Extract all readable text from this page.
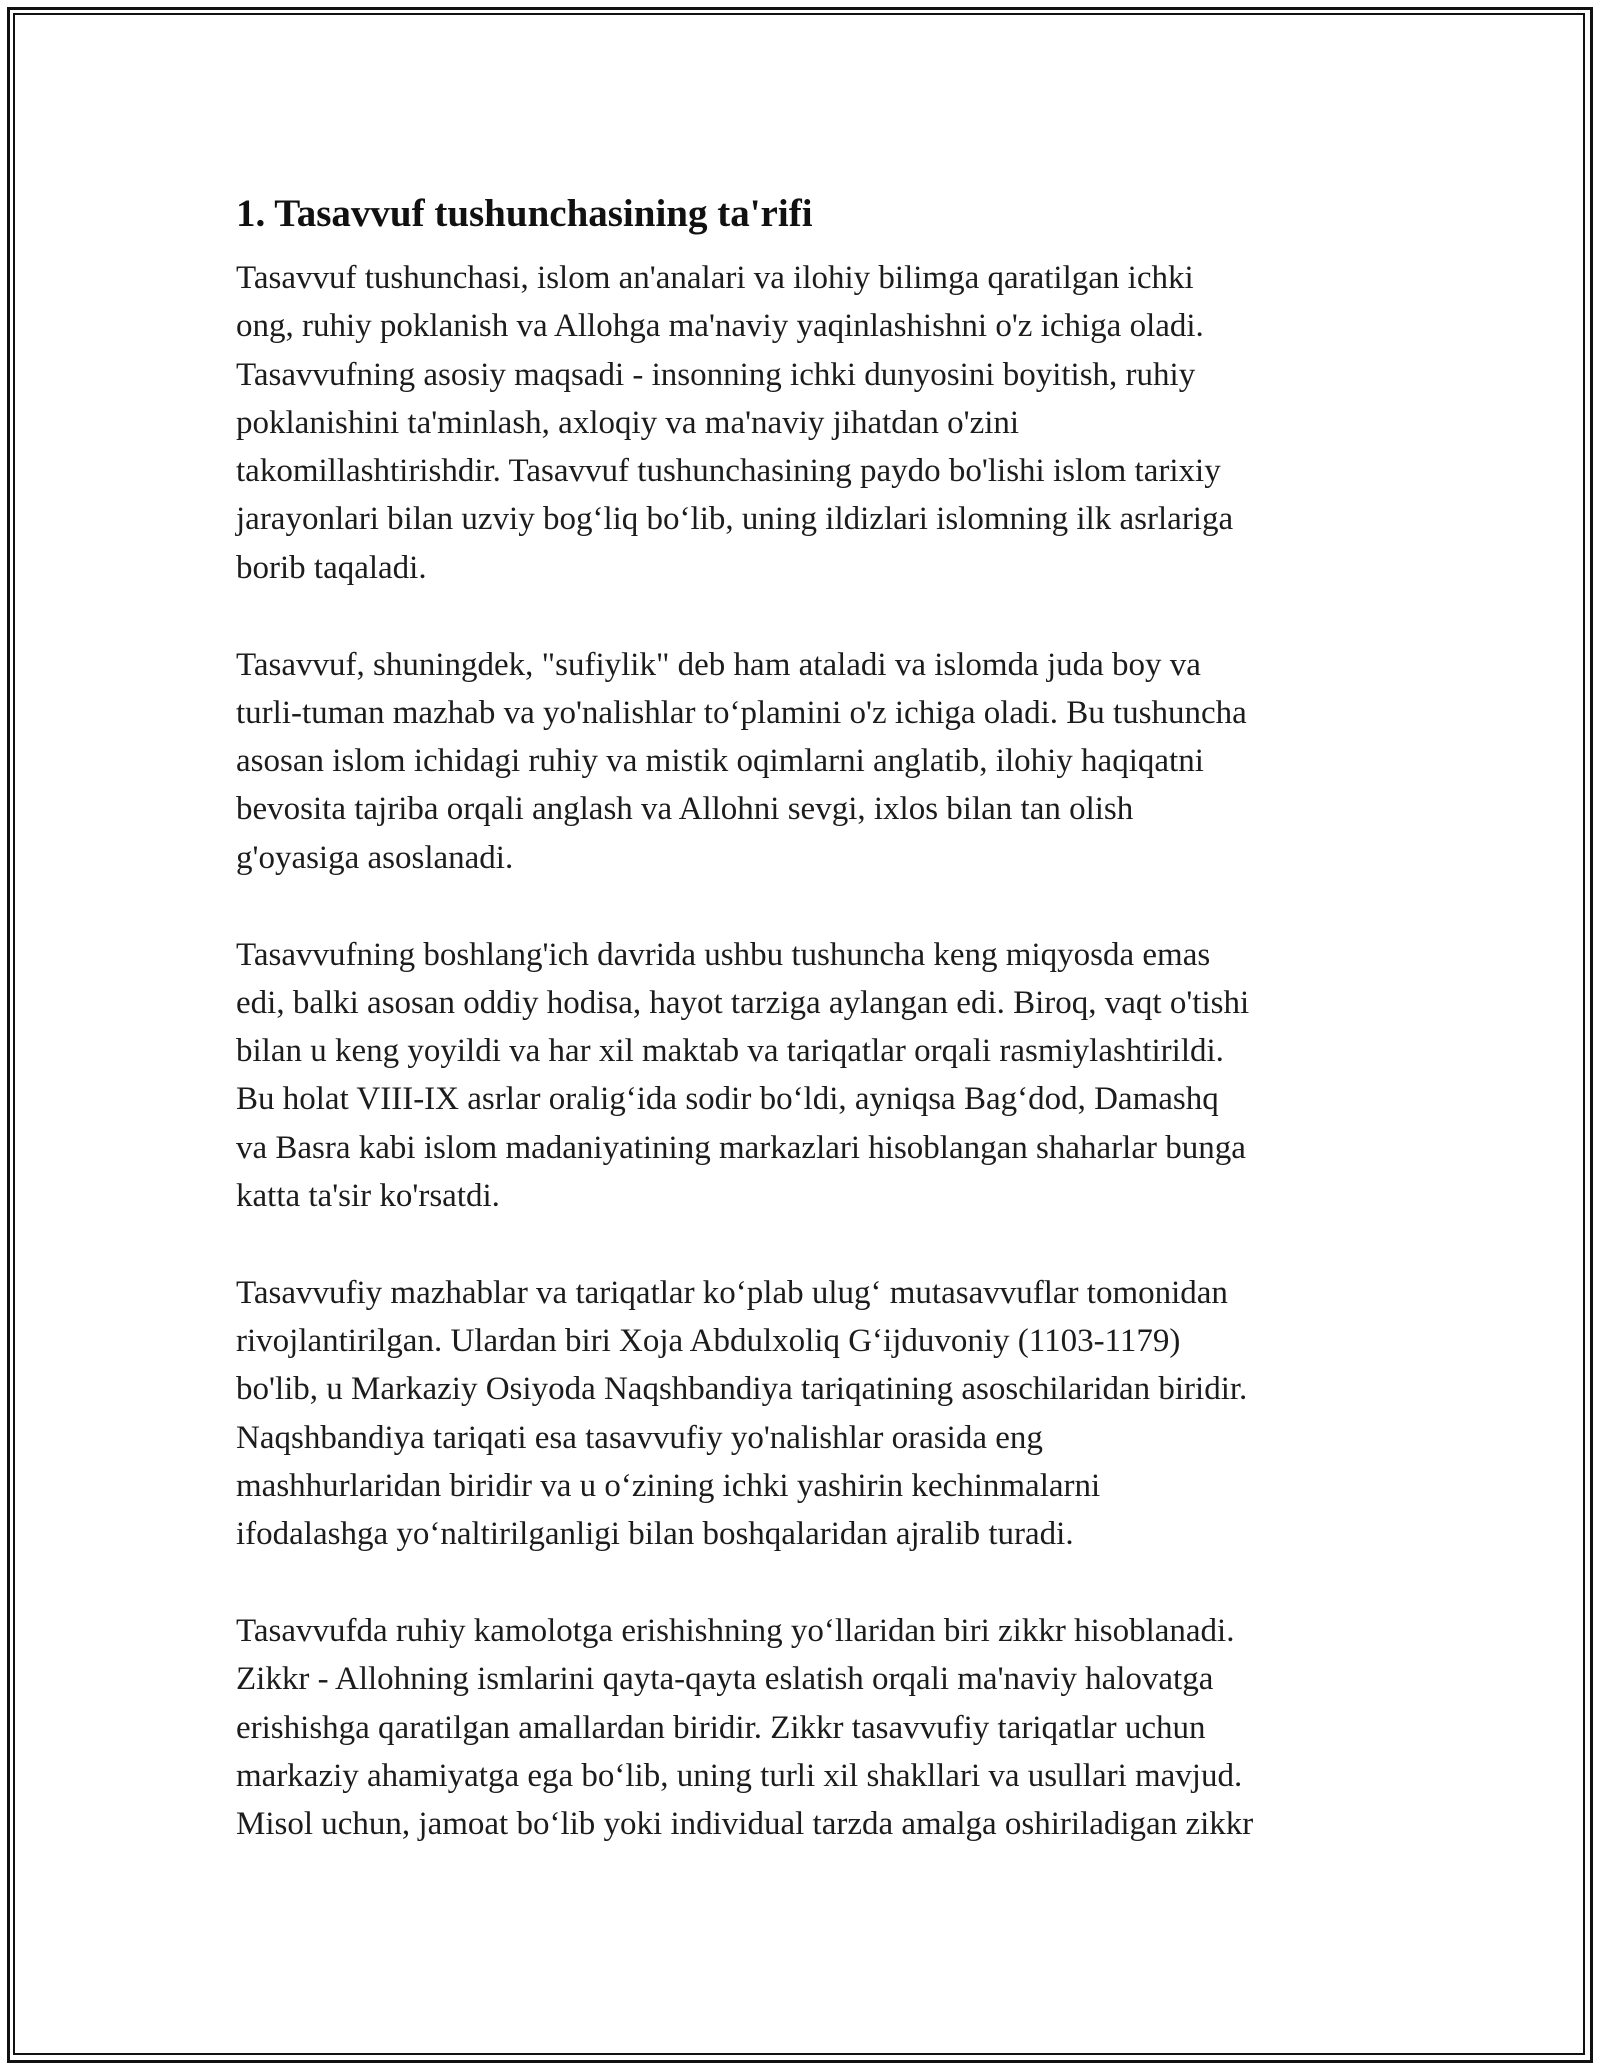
1. Tasavvuf tushunchasining ta'rifi

Tasavvuf tushunchasi, islom an'analari va ilohiy bilimga qaratilgan ichki
ong, ruhiy poklanish va Allohga ma'naviy yaqinlashishni o'z ichiga oladi.
Tasavvufning asosiy maqsadi - insonning ichki dunyosini boyitish, ruhiy
poklanishini ta'minlash, axloqiy va ma'naviy jihatdan o'zini
takomillashtirishdir. Tasavvuf tushunchasining paydo bo'lishi islom tarixiy
jarayonlari bilan uzviy bog‘liq bo‘lib, uning ildizlari islomning ilk asrlariga
borib taqaladi.

Tasavvuf, shuningdek, "sufiylik" deb ham ataladi va islomda juda boy va
turli-tuman mazhab va yo'nalishlar to‘plamini o'z ichiga oladi. Bu tushuncha
asosan islom ichidagi ruhiy va mistik oqimlarni anglatib, ilohiy haqiqatni
bevosita tajriba orqali anglash va Allohni sevgi, ixlos bilan tan olish
g'oyasiga asoslanadi.

Tasavvufning boshlang'ich davrida ushbu tushuncha keng miqyosda emas
edi, balki asosan oddiy hodisa, hayot tarziga aylangan edi. Biroq, vaqt o'tishi
bilan u keng yoyildi va har xil maktab va tariqatlar orqali rasmiylashtirildi.
Bu holat VIII-IX asrlar oralig‘ida sodir bo‘ldi, ayniqsa Bag‘dod, Damashq
va Basra kabi islom madaniyatining markazlari hisoblangan shaharlar bunga
katta ta'sir ko'rsatdi.

Tasavvufiy mazhablar va tariqatlar ko‘plab ulug‘ mutasavvuflar tomonidan
rivojlantirilgan. Ulardan biri Xoja Abdulxoliq G‘ijduvoniy (1103-1179)
bo'lib, u Markaziy Osiyoda Naqshbandiya tariqatining asoschilaridan biridir.
Naqshbandiya tariqati esa tasavvufiy yo'nalishlar orasida eng
mashhurlaridan biridir va u o‘zining ichki yashirin kechinmalarni
ifodalashga yo‘naltirilganligi bilan boshqalaridan ajralib turadi.

Tasavvufda ruhiy kamolotga erishishning yo‘llaridan biri zikkr hisoblanadi.
Zikkr - Allohning ismlarini qayta-qayta eslatish orqali ma'naviy halovatga
erishishga qaratilgan amallardan biridir. Zikkr tasavvufiy tariqatlar uchun
markaziy ahamiyatga ega bo‘lib, uning turli xil shakllari va usullari mavjud.
Misol uchun, jamoat bo‘lib yoki individual tarzda amalga oshiriladigan zikkr
